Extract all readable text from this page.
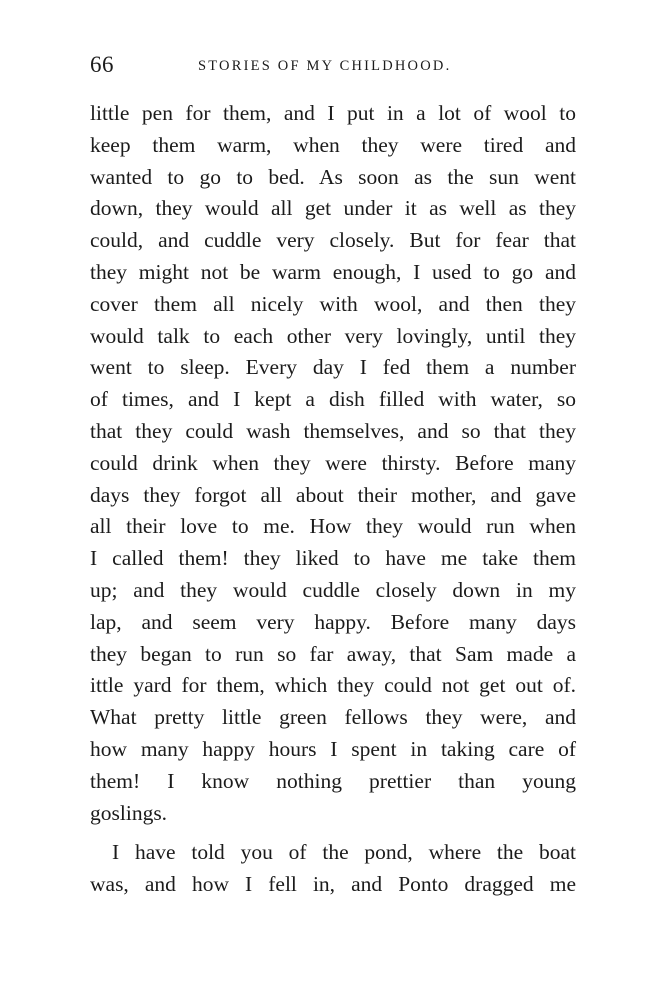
66	STORIES OF MY CHILDHOOD.
little pen for them, and I put in a lot of wool to
keep them warm, when they were tired and
wanted to go to bed. As soon as the sun went
down, they would all get under it as well as they
could, and cuddle very closely. But for fear that
they might not be warm enough, I used to go and
cover them all nicely with wool, and then they
would talk to each other very lovingly, until they
went to sleep. Every day I fed them a number
of times, and I kept a dish filled with water, so
that they could wash themselves, and so that they
could drink when they were thirsty. Before many
days they forgot all about their mother, and gave
all their love to me. How they would run when
I called them! they liked to have me take them
up; and they would cuddle closely down in my
lap, and seem very happy. Before many days
they began to run so far away, that Sam made a
ittle yard for them, which they could not get out of.
What pretty little green fellows they were, and
how many happy hours I spent in taking care of
them! I know nothing prettier than young
goslings.
I have told you of the pond, where the boat
was, and how I fell in, and Ponto dragged me
